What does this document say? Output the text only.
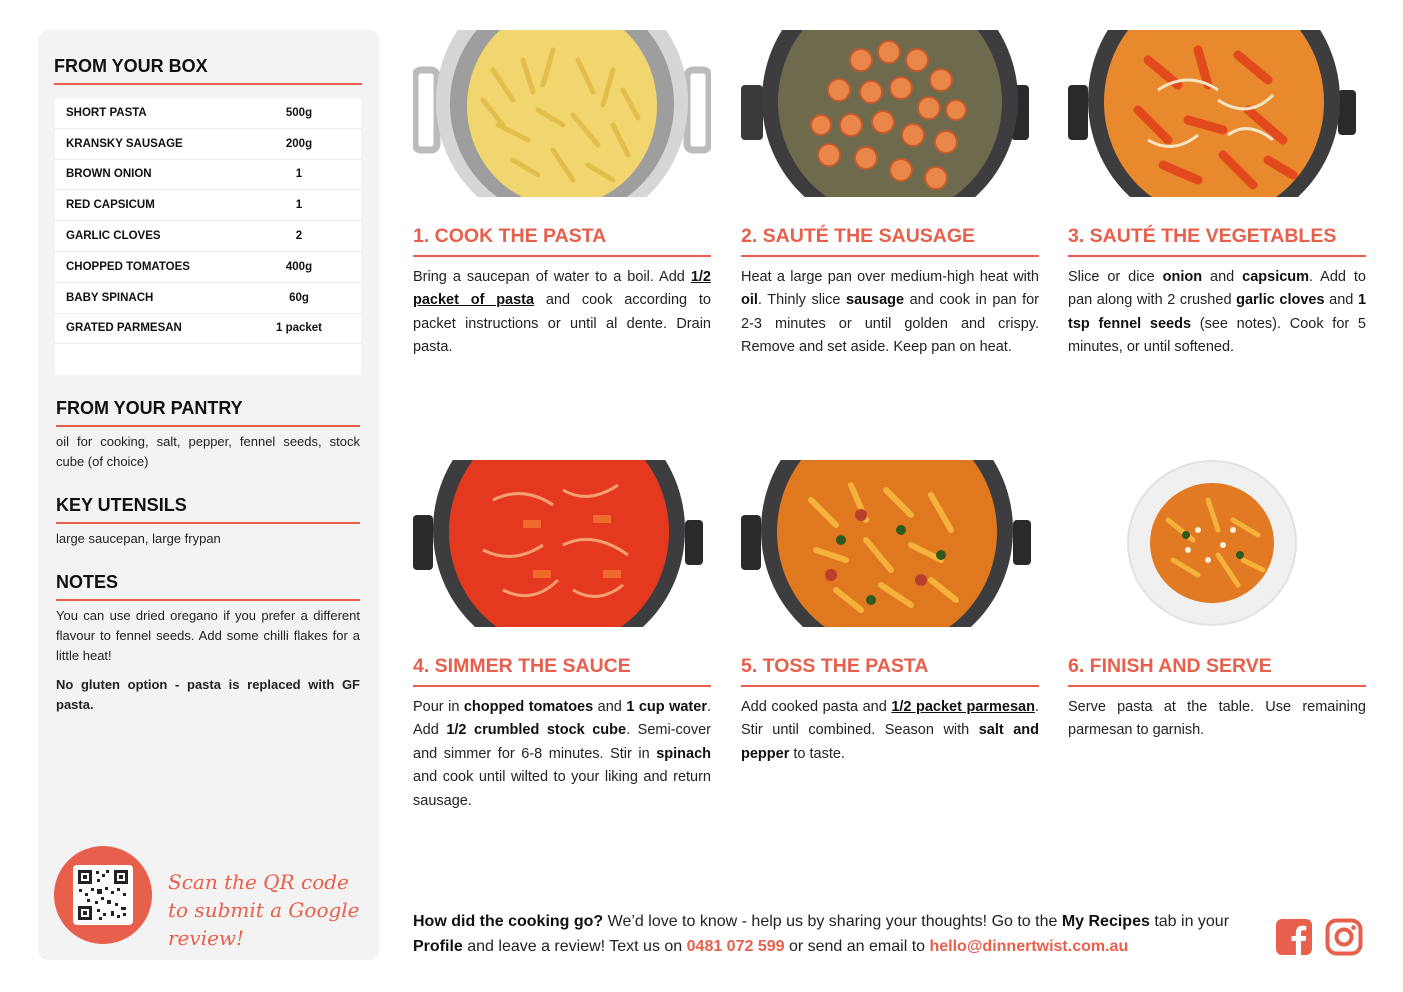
FROM YOUR BOX
SHORT PASTA	500g
KRANSKY SAUSAGE	200g
BROWN ONION	1
RED CAPSICUM	1
GARLIC CLOVES	2
CHOPPED TOMATOES	400g
BABY SPINACH	60g
GRATED PARMESAN	1 packet
FROM YOUR PANTRY
oil for cooking, salt, pepper, fennel seeds, stock cube (of choice)
KEY UTENSILS
large saucepan, large frypan
NOTES
You can use dried oregano if you prefer a different flavour to fennel seeds. Add some chilli flakes for a little heat!
No gluten option - pasta is replaced with GF pasta.
Scan the QR code to submit a Google review!
1. COOK THE PASTA	2. SAUTÉ THE SAUSAGE	3. SAUTÉ THE VEGETABLES
4. SIMMER THE SAUCE	5. TOSS THE PASTA	6. FINISH AND SERVE
Bring a saucepan of water to a boil. Add 1/2 packet of pasta and cook according to packet instructions or until al dente. Drain pasta.
Heat a large pan over medium-high heat with oil. Thinly slice sausage and cook in pan for 2-3 minutes or until golden and crispy. Remove and set aside. Keep pan on heat.
Slice or dice onion and capsicum. Add to pan along with 2 crushed garlic cloves and 1 tsp fennel seeds (see notes). Cook for 5 minutes, or until softened.
Pour in chopped tomatoes and 1 cup water. Add 1/2 crumbled stock cube. Semi-cover and simmer for 6-8 minutes. Stir in spinach and cook until wilted to your liking and return sausage.
Add cooked pasta and 1/2 packet parmesan. Stir until combined. Season with salt and pepper to taste.
Serve pasta at the table. Use remaining parmesan to garnish.
How did the cooking go? We’d love to know - help us by sharing your thoughts! Go to the My Recipes tab in your Profile and leave a review! Text us on 0481 072 599 or send an email to hello@dinnertwist.com.au
